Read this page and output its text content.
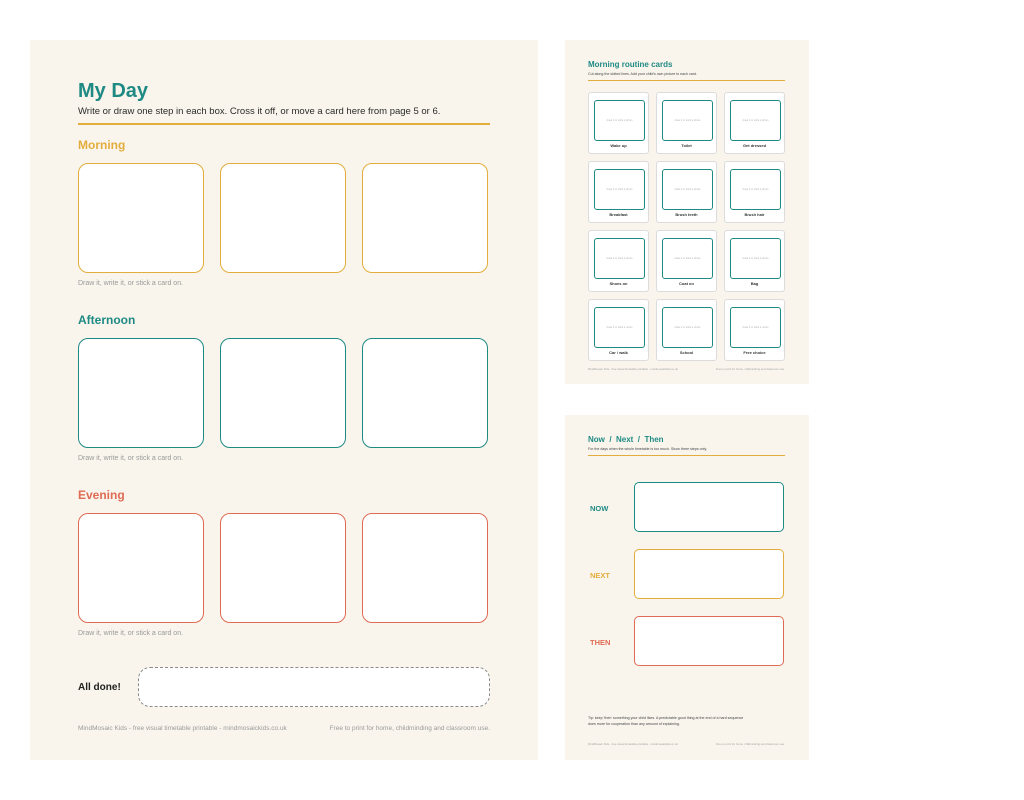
My Day
Write or draw one step in each box. Cross it off, or move a card here from page 5 or 6.
Morning
Draw it, write it, or stick a card on.
Afternoon
Draw it, write it, or stick a card on.
Evening
Draw it, write it, or stick a card on.
All done!
MindMosaic Kids - free visual timetable printable - mindmosaickids.co.uk	Free to print for home, childminding and classroom use.
Morning routine cards
Cut along the dotted lines. Add your child's own picture to each card.
draw it or stick a photo
Wake up
draw it or stick a photo
Toilet
draw it or stick a photo
Get dressed
draw it or stick a photo
Breakfast
draw it or stick a photo
Brush teeth
draw it or stick a photo
Brush hair
draw it or stick a photo
Shoes on
draw it or stick a photo
Coat on
draw it or stick a photo
Bag
draw it or stick a photo
Car / walk
draw it or stick a photo
School
draw it or stick a photo
Free choice
MindMosaic Kids - free visual timetable printable - mindmosaickids.co.uk	Free to print for home, childminding and classroom use.
Now  /  Next  /  Then
For the days when the whole timetable is too much. Show three steps only.
NOW
NEXT
THEN
Tip: keep 'then' something your child likes. A predictable good thing at the end of a hard sequence does more for cooperation than any amount of explaining.
MindMosaic Kids - free visual timetable printable - mindmosaickids.co.uk	Free to print for home, childminding and classroom use.
